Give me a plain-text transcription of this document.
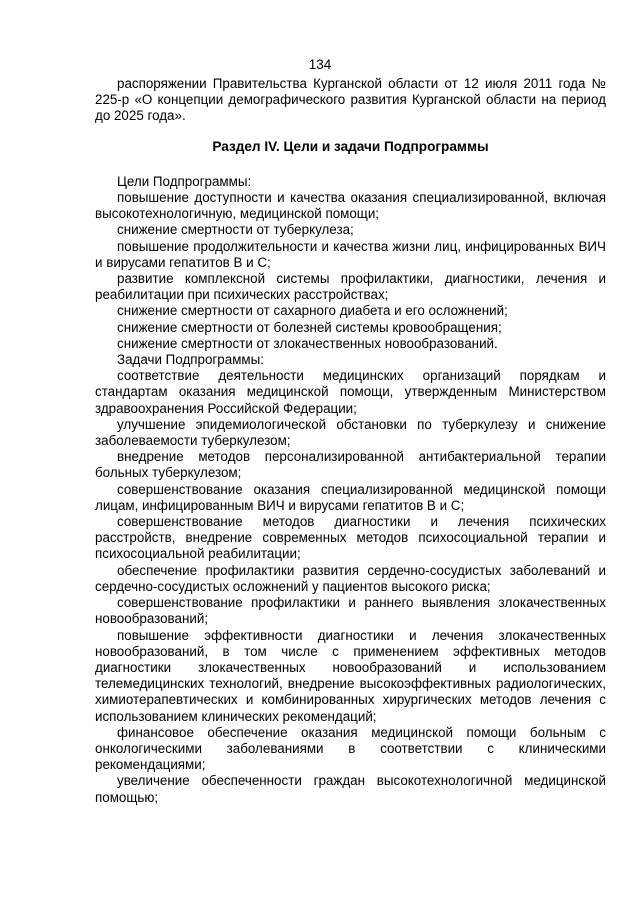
134

распоряжении Правительства Курганской области от 12 июля 2011 года № 225-р «О концепции демографического развития Курганской области на период до 2025 года».

Раздел IV. Цели и задачи Подпрограммы

Цели Подпрограммы:

повышение доступности и качества оказания специализированной, включая высокотехнологичную, медицинской помощи;

снижение смертности от туберкулеза;

повышение продолжительности и качества жизни лиц, инфицированных ВИЧ и вирусами гепатитов В и С;

развитие комплексной системы профилактики, диагностики, лечения и реабилитации при психических расстройствах;

снижение смертности от сахарного диабета и его осложнений;

снижение смертности от болезней системы кровообращения;

снижение смертности от злокачественных новообразований.

Задачи Подпрограммы:

соответствие деятельности медицинских организаций порядкам и стандартам оказания медицинской помощи, утвержденным Министерством здравоохранения Российской Федерации;

улучшение эпидемиологической обстановки по туберкулезу и снижение заболеваемости туберкулезом;

внедрение методов персонализированной антибактериальной терапии больных туберкулезом;

совершенствование оказания специализированной медицинской помощи лицам, инфицированным ВИЧ и вирусами гепатитов В и С;

совершенствование методов диагностики и лечения психических расстройств, внедрение современных методов психосоциальной терапии и психосоциальной реабилитации;

обеспечение профилактики развития сердечно-сосудистых заболеваний и сердечно-сосудистых осложнений у пациентов высокого риска;

совершенствование профилактики и раннего выявления злокачественных новообразований;

повышение эффективности диагностики и лечения злокачественных новообразований, в том числе с применением эффективных методов диагностики злокачественных новообразований и использованием телемедицинских технологий, внедрение высокоэффективных радиологических, химиотерапевтических и комбинированных хирургических методов лечения с использованием клинических рекомендаций;

финансовое обеспечение оказания медицинской помощи больным с онкологическими заболеваниями в соответствии с клиническими рекомендациями;

увеличение обеспеченности граждан высокотехнологичной медицинской помощью;
